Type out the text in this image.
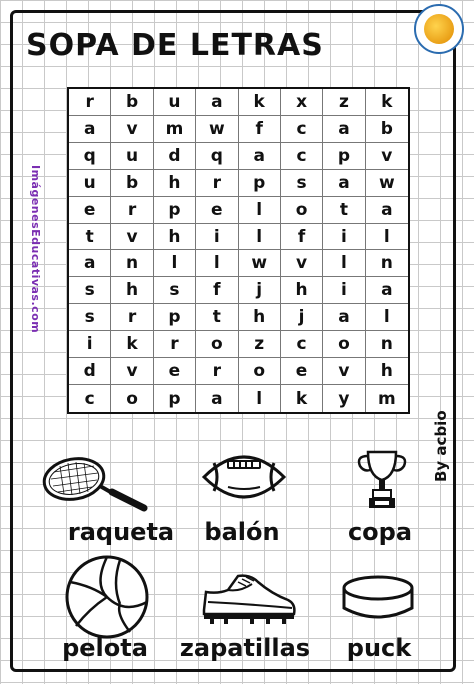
SOPA DE LETRAS
ImágenesEducativas.com
By acbio
r	b	u	a	k	x	z	k
a	v	m	w	f	c	a	b
q	u	d	q	a	c	p	v
u	b	h	r	p	s	a	w
e	r	p	e	l	o	t	a
t	v	h	i	l	f	i	l
a	n	l	l	w	v	l	n
s	h	s	f	j	h	i	a
s	r	p	t	h	j	a	l
i	k	r	o	z	c	o	n
d	v	e	r	o	e	v	h
c	o	p	a	l	k	y	m
raqueta	balón	copa
pelota	zapatillas	puck
